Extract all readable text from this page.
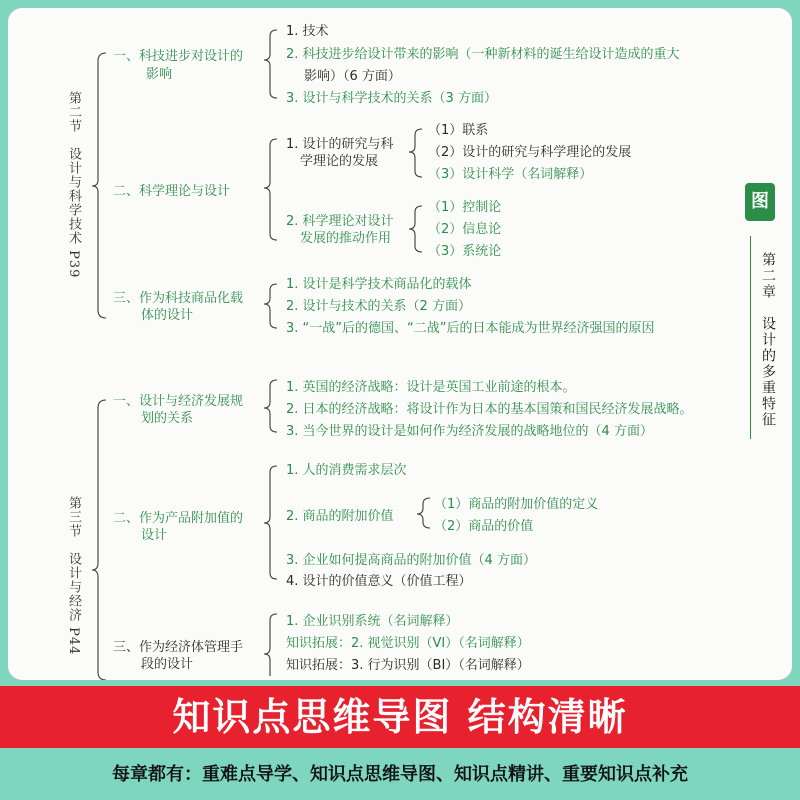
第二节　设计与科学技术 P39
一、科技进步对设计的
影响
1. 技术
2. 科技进步给设计带来的影响（一种新材料的诞生给设计造成的重大
影响）（6 方面）
3. 设计与科学技术的关系（3 方面）
二、科学理论与设计
1. 设计的研究与科
学理论的发展
（1）联系
（2）设计的研究与科学理论的发展
（3）设计科学（名词解释）
2. 科学理论对设计
发展的推动作用
（1）控制论
（2）信息论
（3）系统论
三、作为科技商品化载
体的设计
1. 设计是科学技术商品化的载体
2. 设计与技术的关系（2 方面）
3. “一战”后的德国、“二战”后的日本能成为世界经济强国的原因
第三节　设计与经济 P44
一、设计与经济发展规
划的关系
1. 英国的经济战略：设计是英国工业前途的根本。
2. 日本的经济战略：将设计作为日本的基本国策和国民经济发展战略。
3. 当今世界的设计是如何作为经济发展的战略地位的（4 方面）
二、作为产品附加值的
设计
1. 人的消费需求层次
2. 商品的附加价值
（1）商品的附加价值的定义
（2）商品的价值
3. 企业如何提高商品的附加价值（4 方面）
4. 设计的价值意义（价值工程）
三、作为经济体管理手
段的设计
1. 企业识别系统（名词解释）
知识拓展：2. 视觉识别（VI）（名词解释）
知识拓展：3. 行为识别（BI）（名词解释）
图
第二章　设计的多重特征
知识点思维导图 结构清晰
每章都有：重难点导学、知识点思维导图、知识点精讲、重要知识点补充
